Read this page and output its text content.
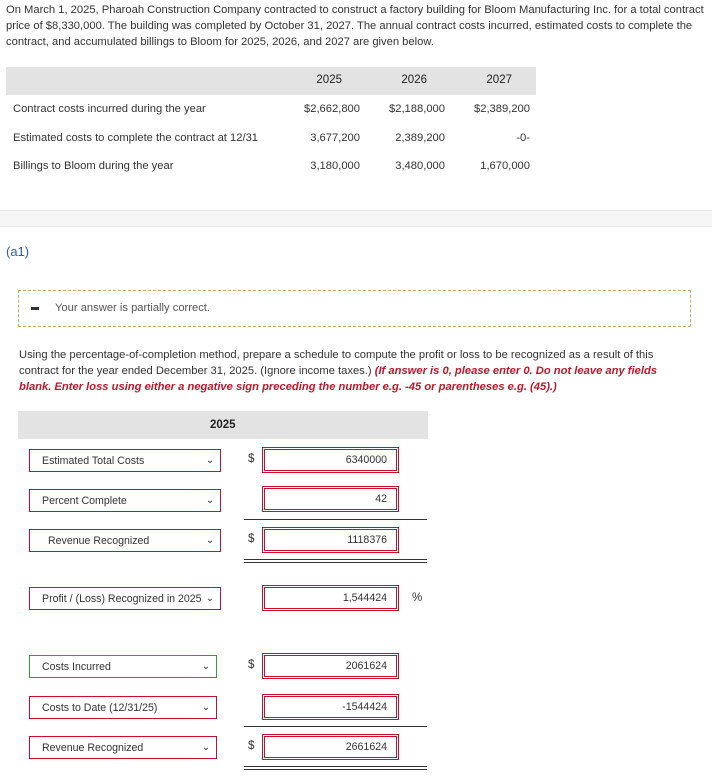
On March 1, 2025, Pharoah Construction Company contracted to construct a factory building for Bloom Manufacturing Inc. for a total contract price of $8,330,000. The building was completed by October 31, 2027. The annual contract costs incurred, estimated costs to complete the contract, and accumulated billings to Bloom for 2025, 2026, and 2027 are given below.
2025	2026	2027
Contract costs incurred during the year	$2,662,800	$2,188,000	$2,389,200
Estimated costs to complete the contract at 12/31	3,677,200	2,389,200	-0-
Billings to Bloom during the year	3,180,000	3,480,000	1,670,000
(a1)
Your answer is partially correct.
Using the percentage-of-completion method, prepare a schedule to compute the profit or loss to be recognized as a result of this contract for the year ended December 31, 2025. (Ignore income taxes.) (If answer is 0, please enter 0. Do not leave any fields blank. Enter loss using either a negative sign preceding the number e.g. -45 or parentheses e.g. (45).)
2025
Estimated Total Costs	⌄	$	6340000
Percent Complete	⌄	42
Revenue Recognized	⌄	$	1118376
Profit / (Loss) Recognized in 2025 ⌄	1,544424	%
Costs Incurred	⌄	$	2061624
Costs to Date (12/31/25)	⌄	-1544424
Revenue Recognized	⌄	$	2661624
